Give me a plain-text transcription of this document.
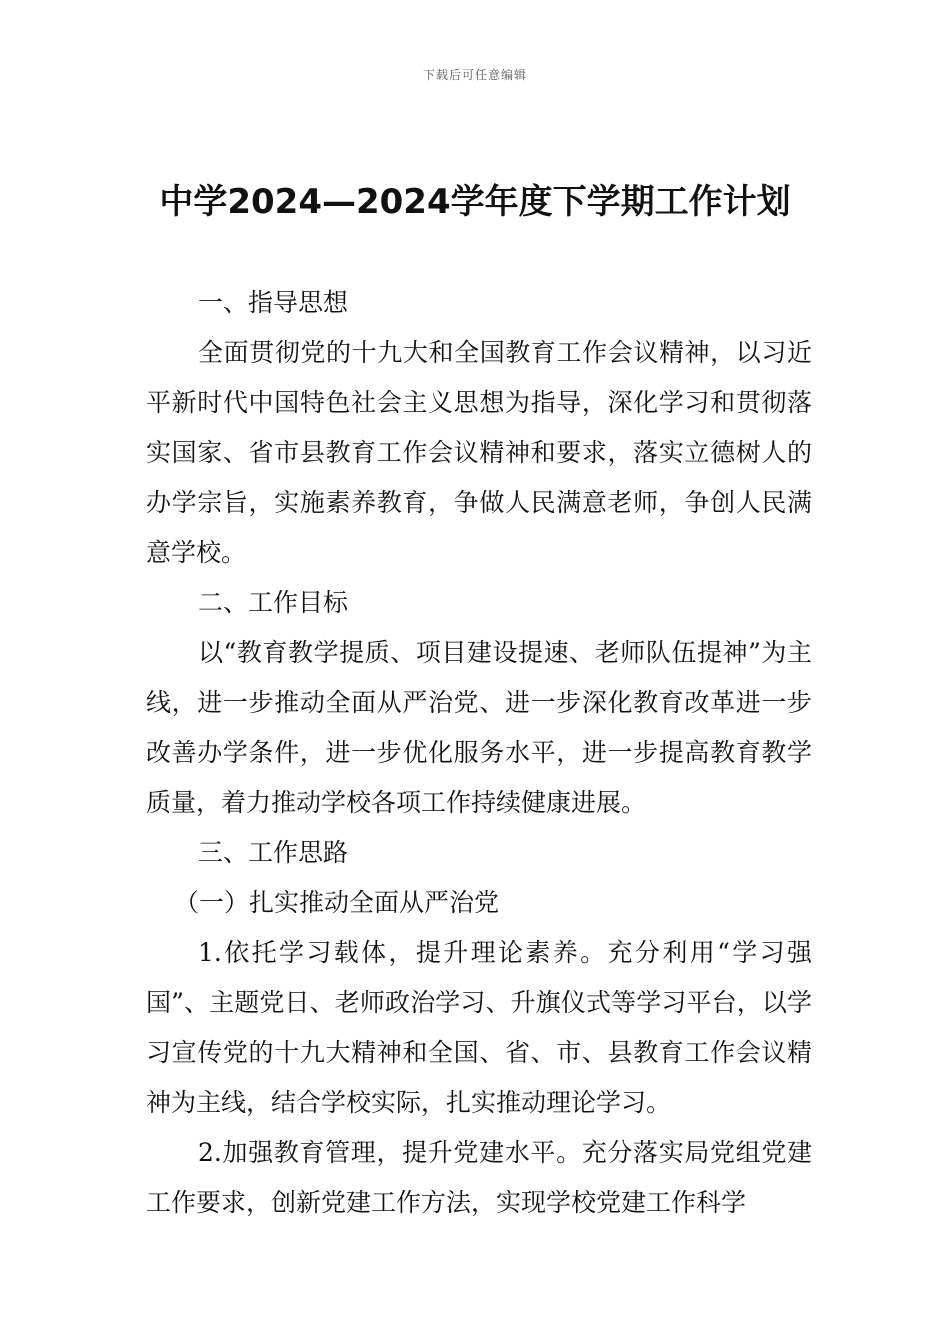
下载后可任意编辑
中学2024—2024学年度下学期工作计划

一、指导思想

全面贯彻党的十九大和全国教育工作会议精神，以习近平新时代中国特色社会主义思想为指导，深化学习和贯彻落实国家、省市县教育工作会议精神和要求，落实立德树人的办学宗旨，实施素养教育，争做人民满意老师，争创人民满意学校。

二、工作目标

以“教育教学提质、项目建设提速、老师队伍提神”为主线，进一步推动全面从严治党、进一步深化教育改革进一步改善办学条件，进一步优化服务水平，进一步提高教育教学质量，着力推动学校各项工作持续健康进展。

三、工作思路

（一）扎实推动全面从严治党

1.依托学习载体，提升理论素养。充分利用“学习强国”、主题党日、老师政治学习、升旗仪式等学习平台，以学习宣传党的十九大精神和全国、省、市、县教育工作会议精神为主线，结合学校实际，扎实推动理论学习。

2.加强教育管理，提升党建水平。充分落实局党组党建工作要求，创新党建工作方法，实现学校党建工作科学
